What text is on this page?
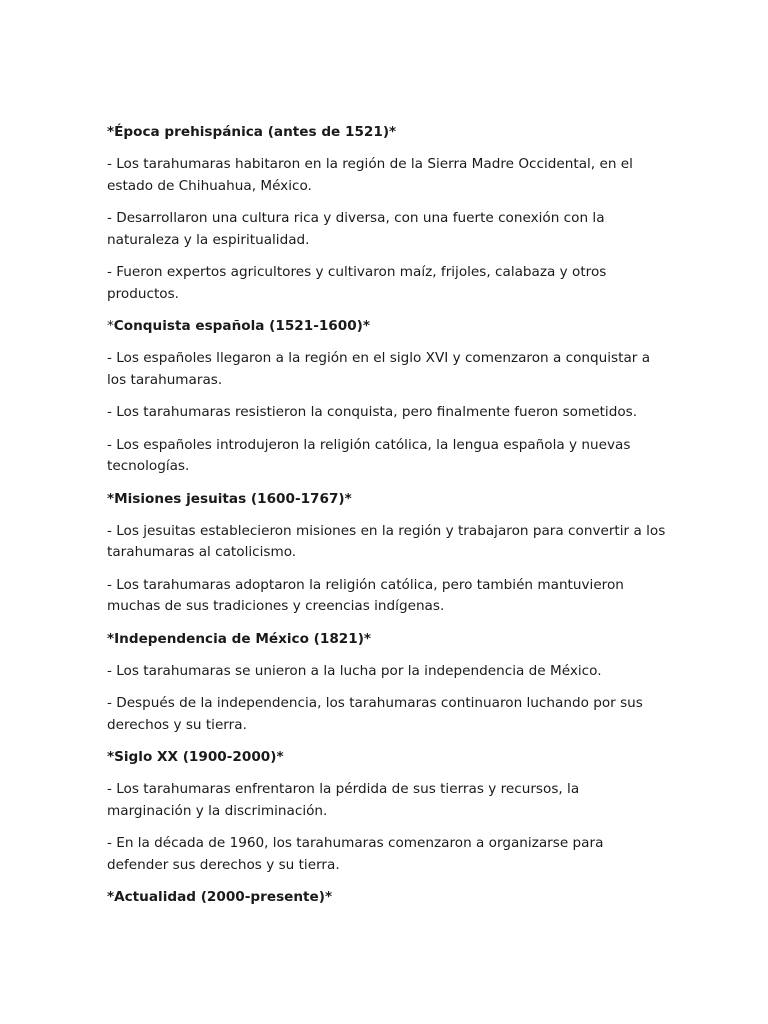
*Época prehispánica (antes de 1521)*
- Los tarahumaras habitaron en la región de la Sierra Madre Occidental, en el estado de Chihuahua, México.
- Desarrollaron una cultura rica y diversa, con una fuerte conexión con la naturaleza y la espiritualidad.
- Fueron expertos agricultores y cultivaron maíz, frijoles, calabaza y otros productos.
*Conquista española (1521-1600)*
- Los españoles llegaron a la región en el siglo XVI y comenzaron a conquistar a los tarahumaras.
- Los tarahumaras resistieron la conquista, pero finalmente fueron sometidos.
- Los españoles introdujeron la religión católica, la lengua española y nuevas tecnologías.
*Misiones jesuitas (1600-1767)*
- Los jesuitas establecieron misiones en la región y trabajaron para convertir a los tarahumaras al catolicismo.
- Los tarahumaras adoptaron la religión católica, pero también mantuvieron muchas de sus tradiciones y creencias indígenas.
*Independencia de México (1821)*
- Los tarahumaras se unieron a la lucha por la independencia de México.
- Después de la independencia, los tarahumaras continuaron luchando por sus derechos y su tierra.
*Siglo XX (1900-2000)*
- Los tarahumaras enfrentaron la pérdida de sus tierras y recursos, la marginación y la discriminación.
- En la década de 1960, los tarahumaras comenzaron a organizarse para defender sus derechos y su tierra.
*Actualidad (2000-presente)*
